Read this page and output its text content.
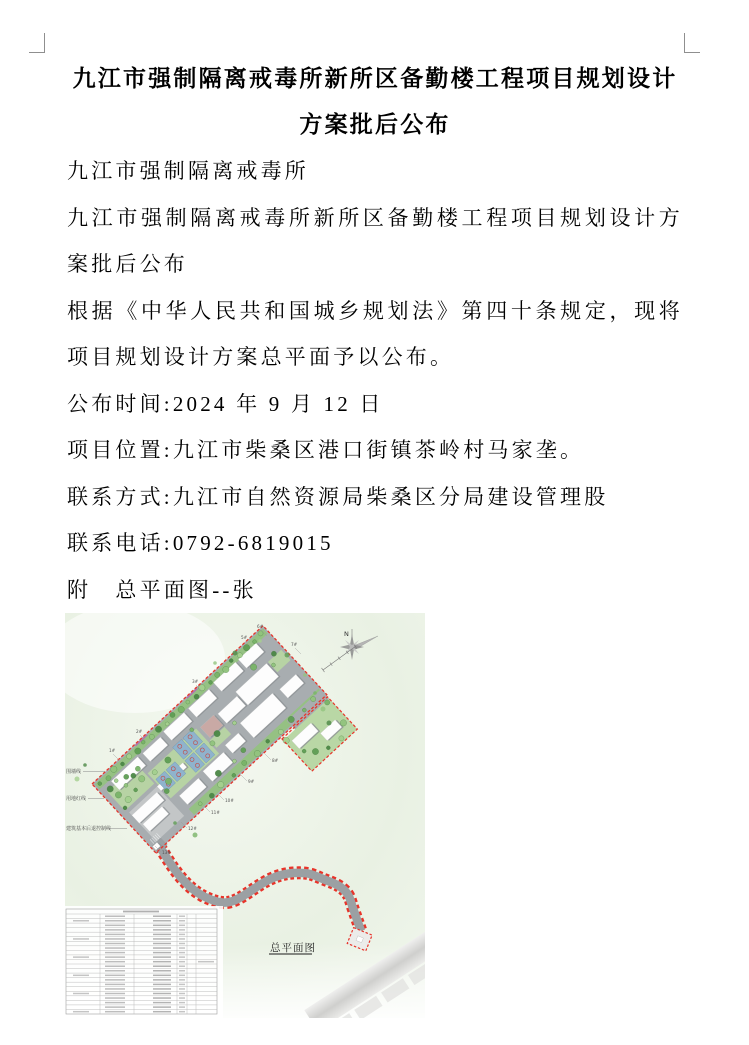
九江市强制隔离戒毒所新所区备勤楼工程项目规划设计方案批后公布

九江市强制隔离戒毒所

九江市强制隔离戒毒所新所区备勤楼工程项目规划设计方案批后公布

根据《中华人民共和国城乡规划法》第四十条规定，现将项目规划设计方案总平面予以公布。

公布时间:2024 年 9 月 12 日

项目位置:九江市柴桑区港口街镇茶岭村马家垄。

联系方式:九江市自然资源局柴桑区分局建设管理股

联系电话:0792-6819015

附　总平面图--张

1#
2#
3#
5#
6#
7#
8#
9#
10#
11#
12#
13#
围墙线
用地红线
建筑基本后退控制线
N
总平面图
